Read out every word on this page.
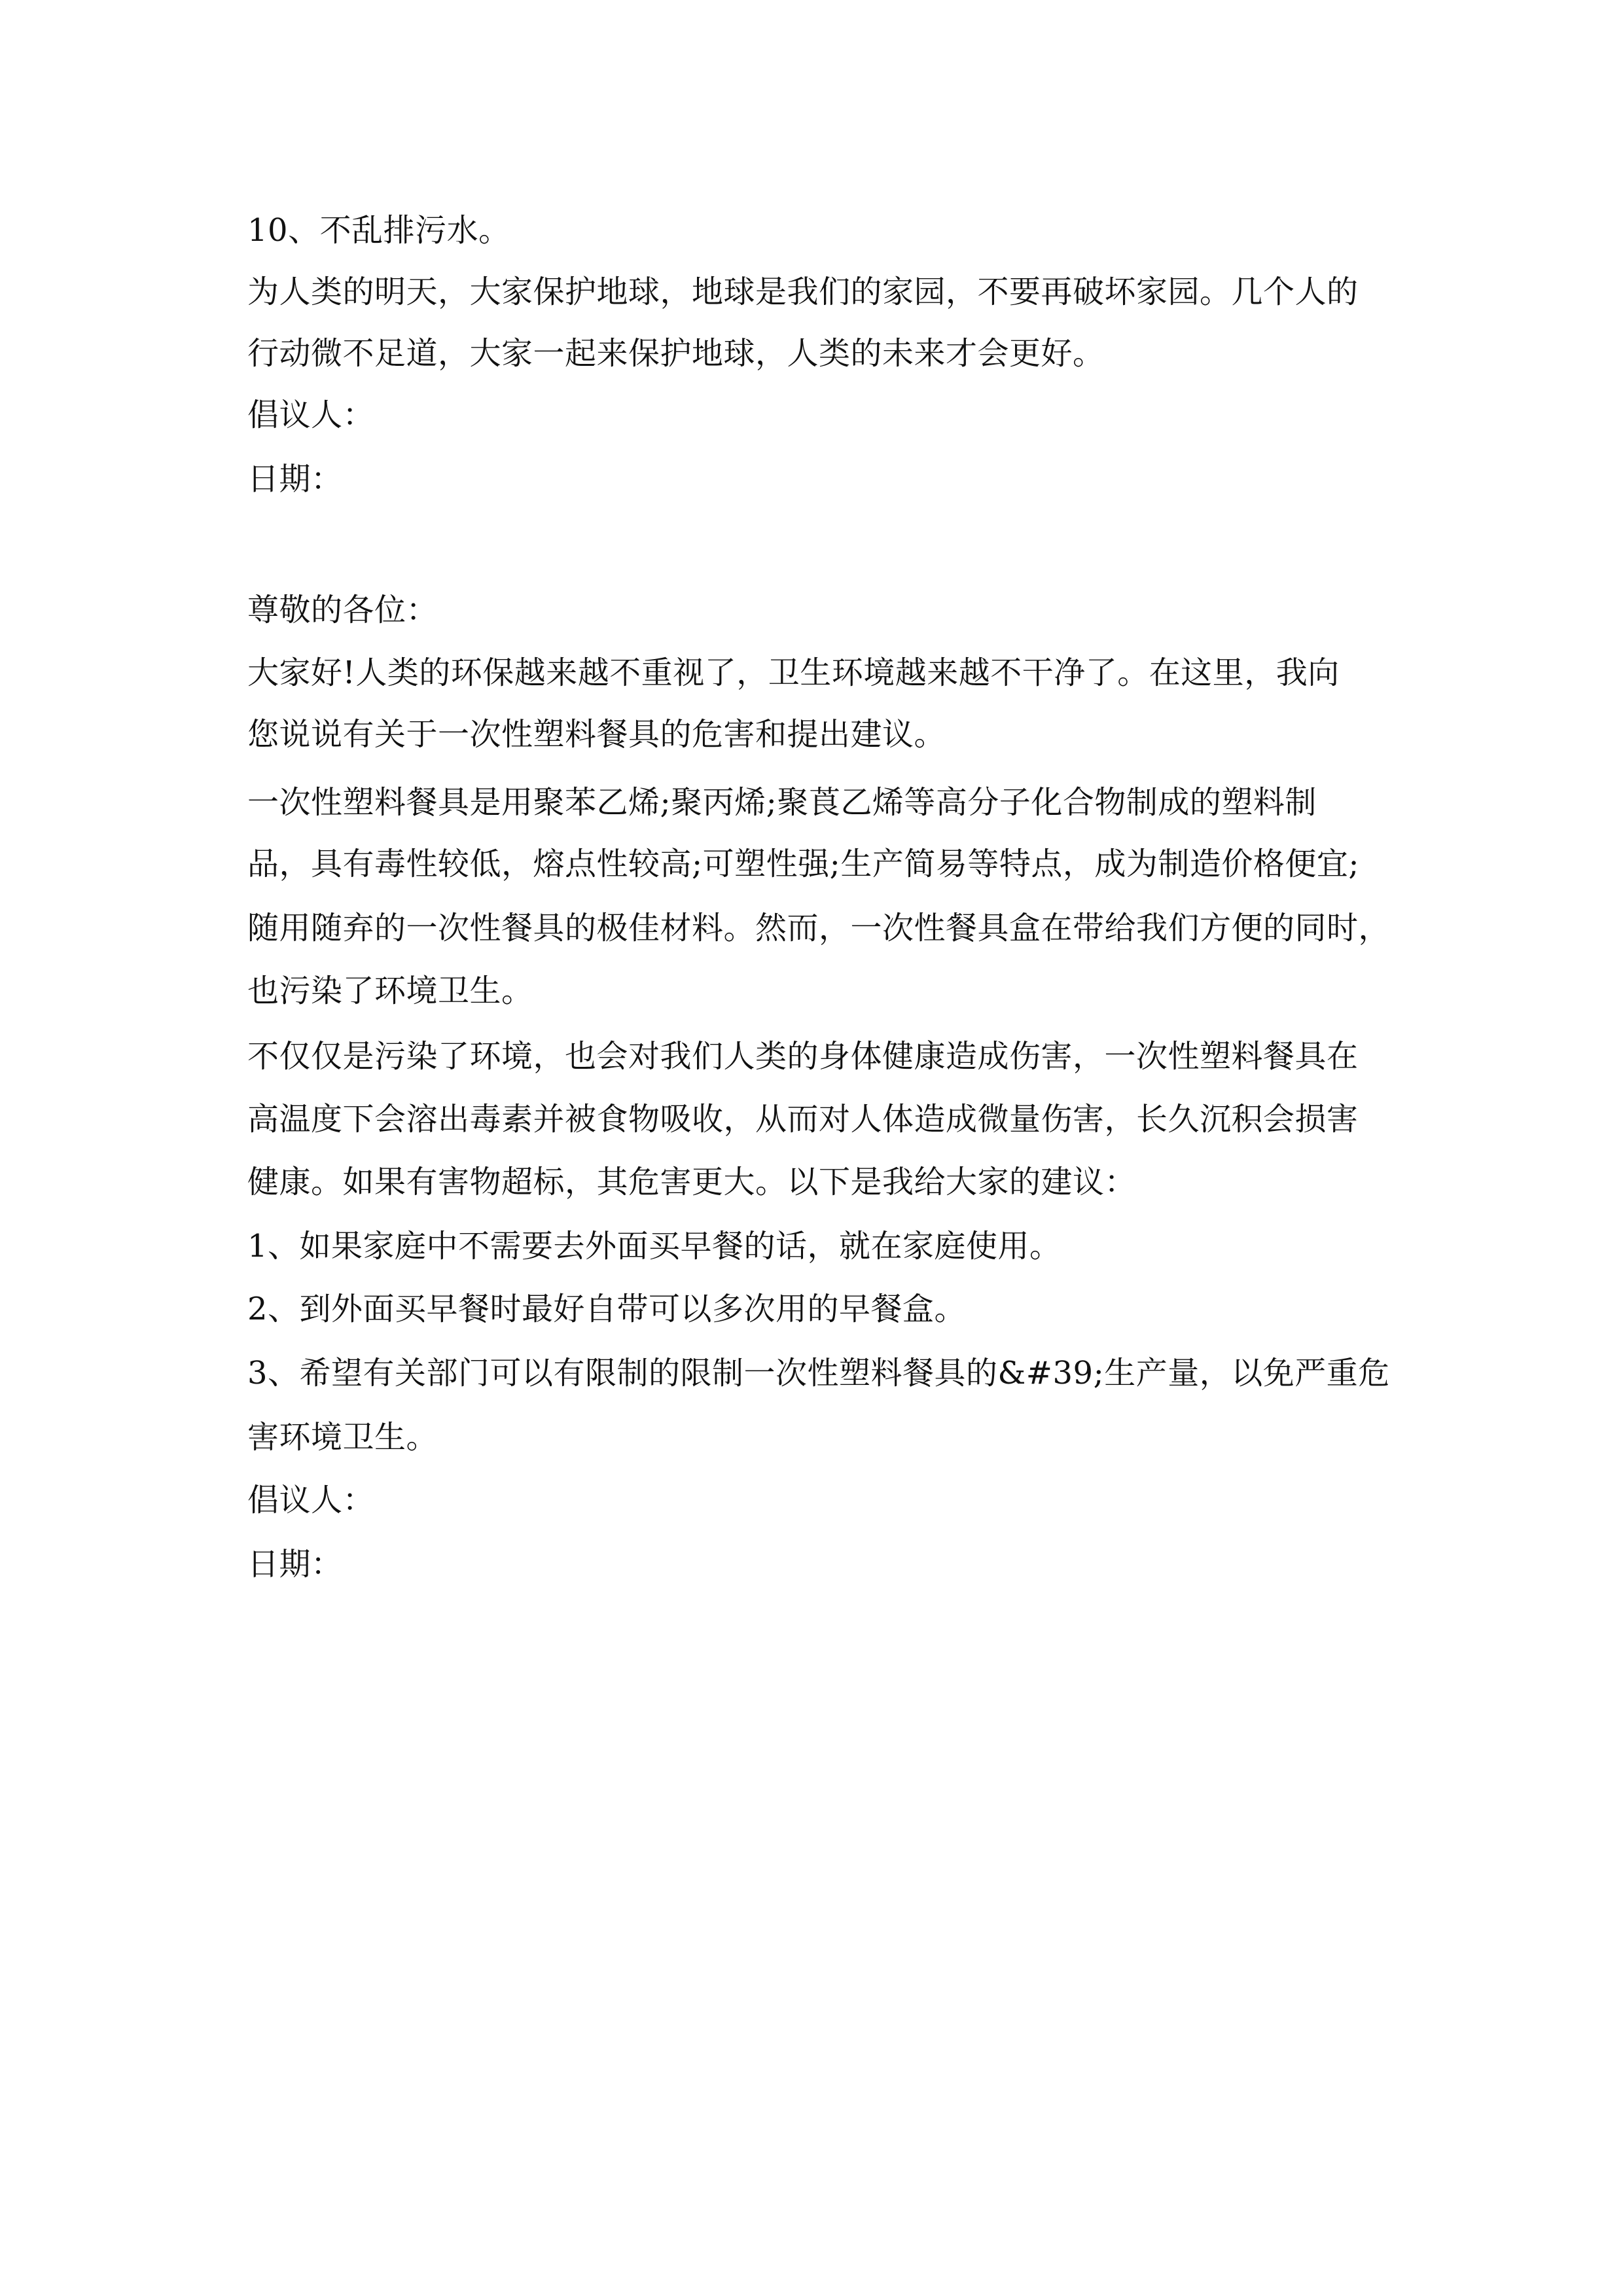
10、不乱排污水。
为人类的明天，大家保护地球，地球是我们的家园，不要再破坏家园。几个人的
行动微不足道，大家一起来保护地球，人类的未来才会更好。
倡议人：
日期：
尊敬的各位：
大家好!人类的环保越来越不重视了，卫生环境越来越不干净了。在这里，我向
您说说有关于一次性塑料餐具的危害和提出建议。
一次性塑料餐具是用聚苯乙烯;聚丙烯;聚莨乙烯等高分子化合物制成的塑料制
品，具有毒性较低，熔点性较高;可塑性强;生产简易等特点，成为制造价格便宜;
随用随弃的一次性餐具的极佳材料。然而，一次性餐具盒在带给我们方便的同时，
也污染了环境卫生。
不仅仅是污染了环境，也会对我们人类的身体健康造成伤害，一次性塑料餐具在
高温度下会溶出毒素并被食物吸收，从而对人体造成微量伤害，长久沉积会损害
健康。如果有害物超标，其危害更大。以下是我给大家的建议：
1、如果家庭中不需要去外面买早餐的话，就在家庭使用。
2、到外面买早餐时最好自带可以多次用的早餐盒。
3、希望有关部门可以有限制的限制一次性塑料餐具的&#39;生产量，以免严重危
害环境卫生。
倡议人：
日期：
